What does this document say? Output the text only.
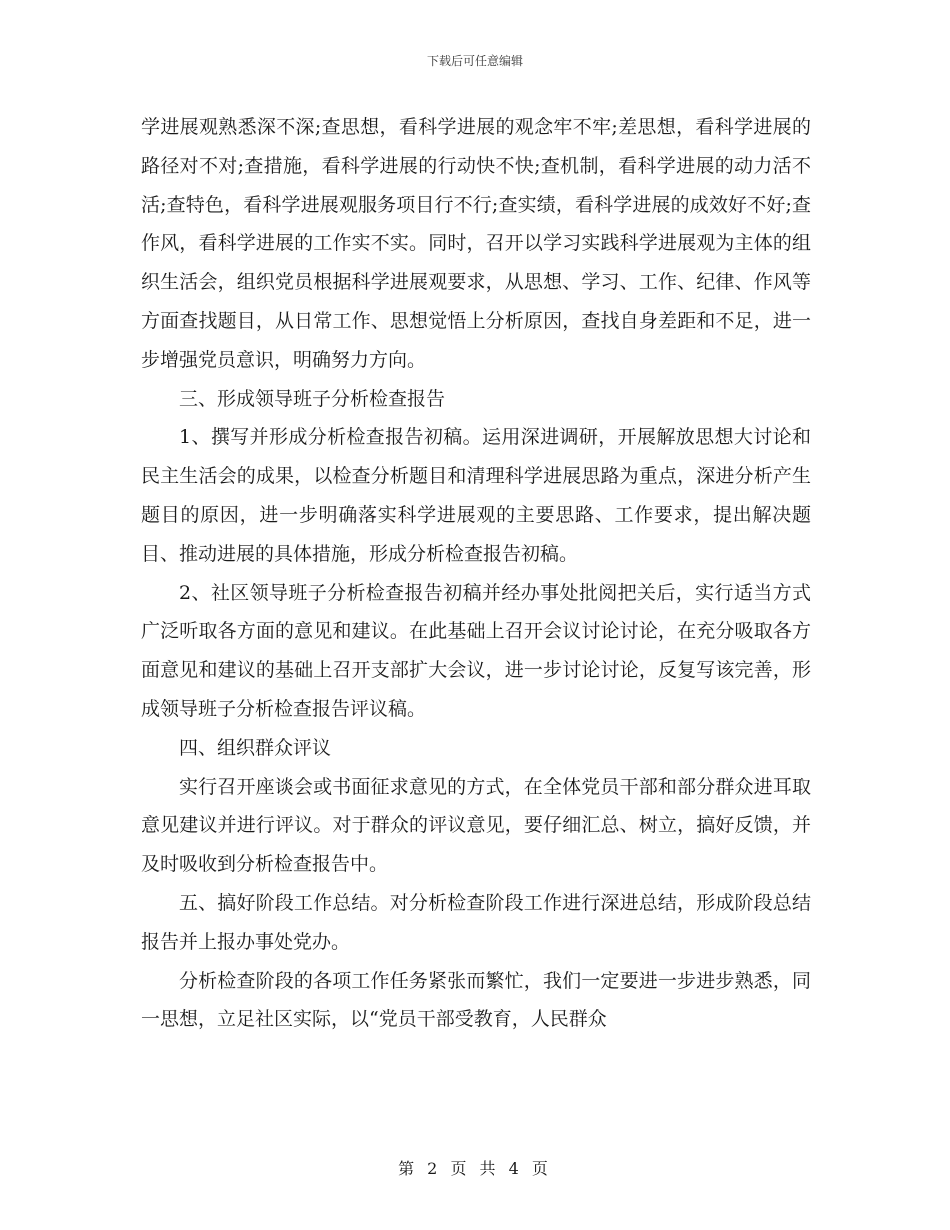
下载后可任意编辑

学进展观熟悉深不深;查思想，看科学进展的观念牢不牢;差思想，看科学进展的路径对不对;查措施，看科学进展的行动快不快;查机制，看科学进展的动力活不活;查特色，看科学进展观服务项目行不行;查实绩，看科学进展的成效好不好;查作风，看科学进展的工作实不实。同时，召开以学习实践科学进展观为主体的组织生活会，组织党员根据科学进展观要求，从思想、学习、工作、纪律、作风等方面查找题目，从日常工作、思想觉悟上分析原因，查找自身差距和不足，进一步增强党员意识，明确努力方向。

三、形成领导班子分析检查报告

1、撰写并形成分析检查报告初稿。运用深进调研，开展解放思想大讨论和民主生活会的成果，以检查分析题目和清理科学进展思路为重点，深进分析产生题目的原因，进一步明确落实科学进展观的主要思路、工作要求，提出解决题目、推动进展的具体措施，形成分析检查报告初稿。

2、社区领导班子分析检查报告初稿并经办事处批阅把关后，实行适当方式广泛听取各方面的意见和建议。在此基础上召开会议讨论讨论，在充分吸取各方面意见和建议的基础上召开支部扩大会议，进一步讨论讨论，反复写该完善，形成领导班子分析检查报告评议稿。

四、组织群众评议

实行召开座谈会或书面征求意见的方式，在全体党员干部和部分群众进耳取意见建议并进行评议。对于群众的评议意见，要仔细汇总、树立，搞好反馈，并及时吸收到分析检查报告中。

五、搞好阶段工作总结。对分析检查阶段工作进行深进总结，形成阶段总结报告并上报办事处党办。

分析检查阶段的各项工作任务紧张而繁忙，我们一定要进一步进步熟悉，同一思想，立足社区实际，以“党员干部受教育，人民群众

第 2 页 共 4 页
